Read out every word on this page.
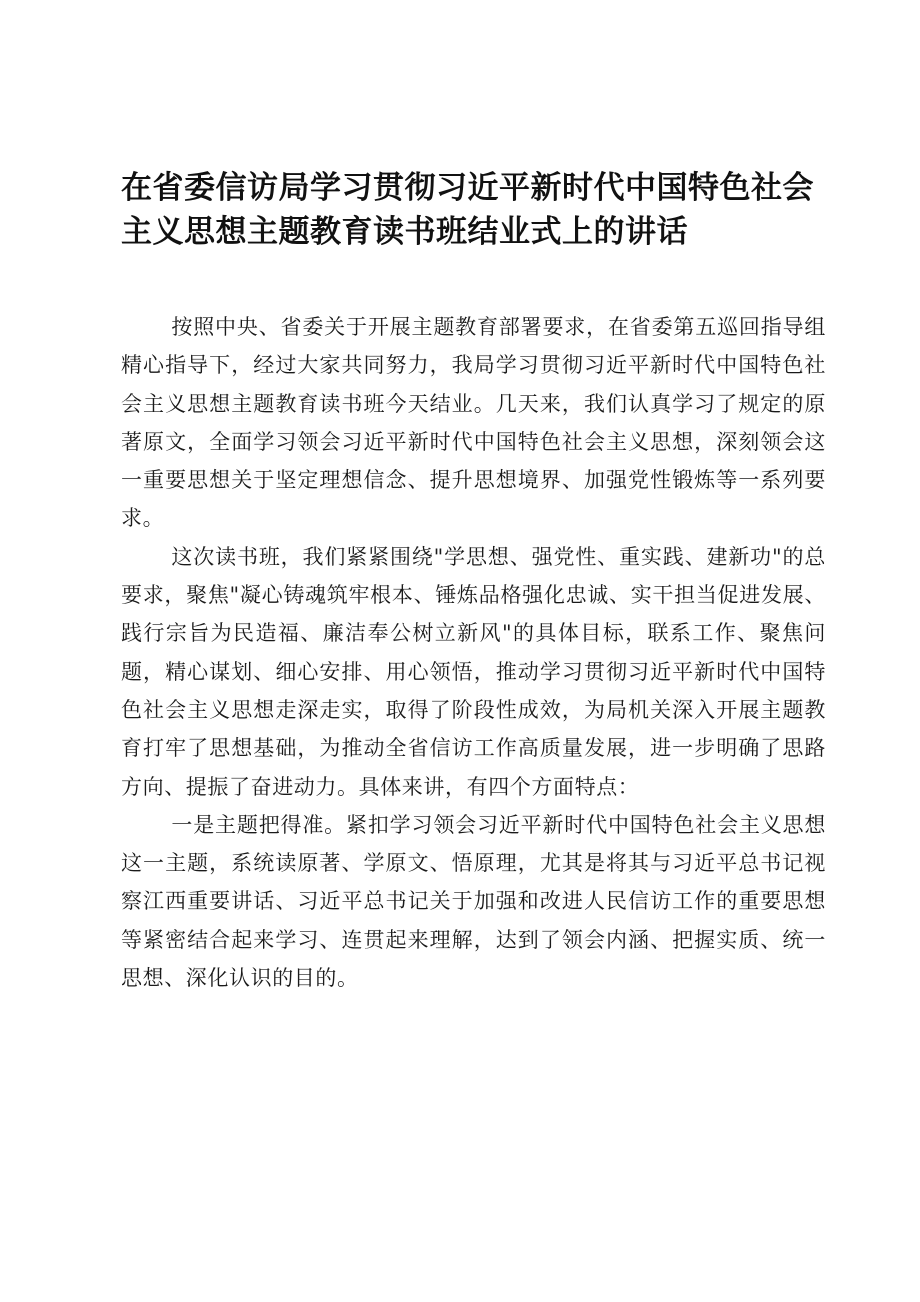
在省委信访局学习贯彻习近平新时代中国特色社会
主义思想主题教育读书班结业式上的讲话

按照中央、省委关于开展主题教育部署要求，在省委第五巡回指导组精心指导下，经过大家共同努力，我局学习贯彻习近平新时代中国特色社会主义思想主题教育读书班今天结业。几天来，我们认真学习了规定的原著原文，全面学习领会习近平新时代中国特色社会主义思想，深刻领会这一重要思想关于坚定理想信念、提升思想境界、加强党性锻炼等一系列要求。

这次读书班，我们紧紧围绕"学思想、强党性、重实践、建新功"的总要求，聚焦"凝心铸魂筑牢根本、锤炼品格强化忠诚、实干担当促进发展、践行宗旨为民造福、廉洁奉公树立新风"的具体目标，联系工作、聚焦问题，精心谋划、细心安排、用心领悟，推动学习贯彻习近平新时代中国特色社会主义思想走深走实，取得了阶段性成效，为局机关深入开展主题教育打牢了思想基础，为推动全省信访工作高质量发展，进一步明确了思路方向、提振了奋进动力。具体来讲，有四个方面特点：

一是主题把得准。紧扣学习领会习近平新时代中国特色社会主义思想这一主题，系统读原著、学原文、悟原理，尤其是将其与习近平总书记视察江西重要讲话、习近平总书记关于加强和改进人民信访工作的重要思想等紧密结合起来学习、连贯起来理解，达到了领会内涵、把握实质、统一思想、深化认识的目的。
